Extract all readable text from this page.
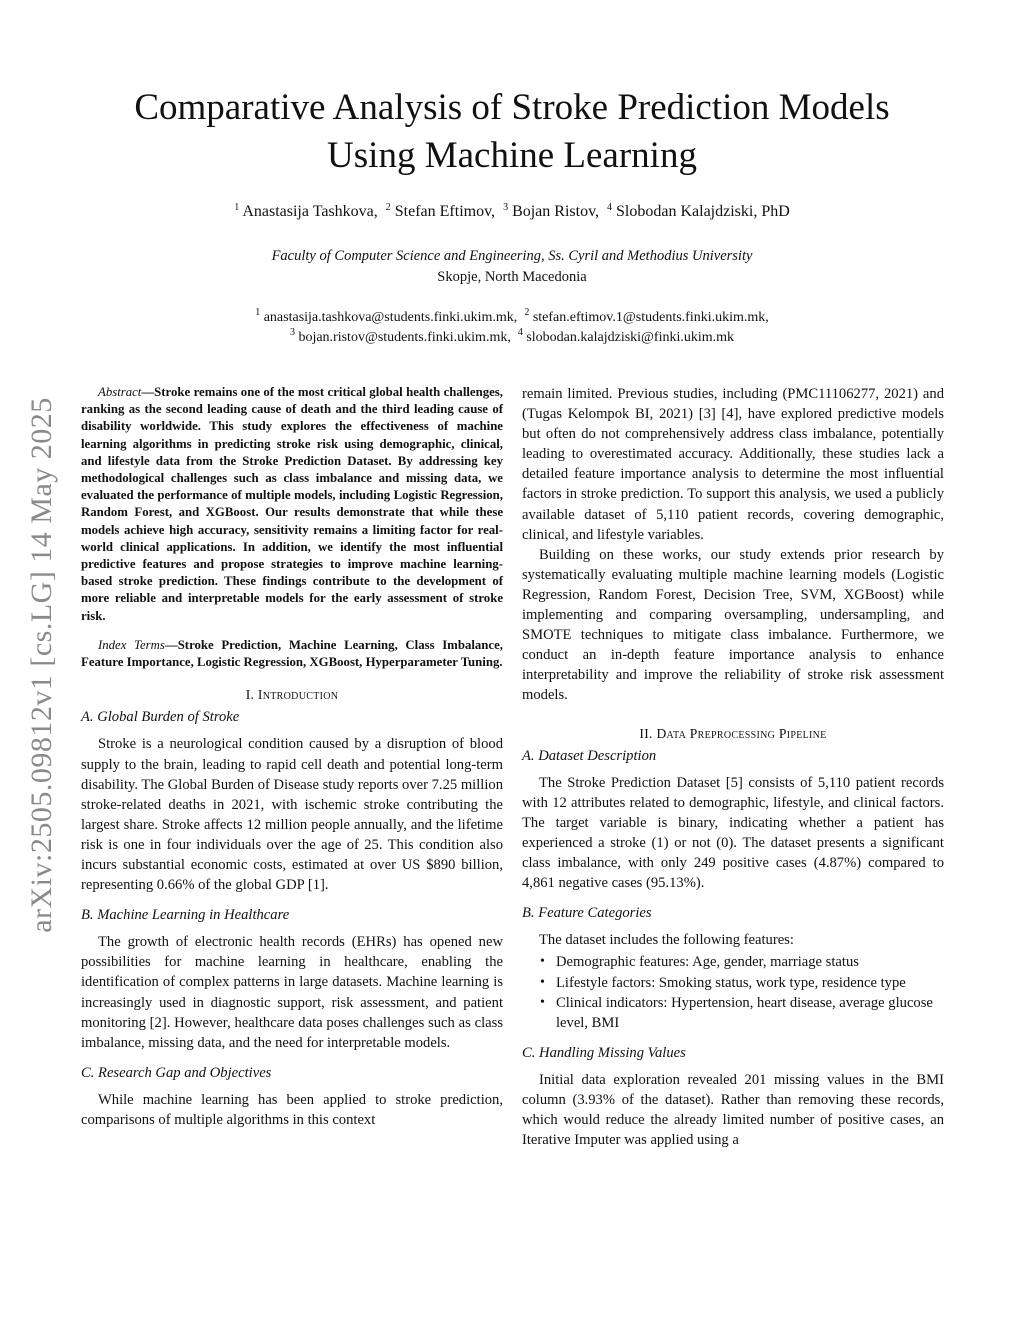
arXiv:2505.09812v1 [cs.LG] 14 May 2025
Comparative Analysis of Stroke Prediction Models
Using Machine Learning
$^1$ Anastasija Tashkova, $^2$ Stefan Eftimov, $^3$ Bojan Ristov, $^4$ Slobodan Kalajdziski, PhD
Faculty of Computer Science and Engineering, Ss. Cyril and Methodius University
Skopje, North Macedonia
$^1$ anastasija.tashkova@students.finki.ukim.mk, $^2$ stefan.eftimov.1@students.finki.ukim.mk,
$^3$ bojan.ristov@students.finki.ukim.mk, $^4$ slobodan.kalajdziski@finki.ukim.mk

Abstract—Stroke remains one of the most critical global health challenges, ranking as the second leading cause of death and the third leading cause of disability worldwide. This study explores the effectiveness of machine learning algorithms in predicting stroke risk using demographic, clinical, and lifestyle data from the Stroke Prediction Dataset. By addressing key methodological challenges such as class imbalance and missing data, we evaluated the performance of multiple models, including Logistic Regression, Random Forest, and XGBoost. Our results demonstrate that while these models achieve high accuracy, sensitivity remains a limiting factor for real-world clinical applications. In addition, we identify the most influential predictive features and propose strategies to improve machine learning-based stroke prediction. These findings contribute to the development of more reliable and interpretable models for the early assessment of stroke risk.

Index Terms—Stroke Prediction, Machine Learning, Class Imbalance, Feature Importance, Logistic Regression, XGBoost, Hyperparameter Tuning.

I. Introduction
A. Global Burden of Stroke

Stroke is a neurological condition caused by a disruption of blood supply to the brain, leading to rapid cell death and potential long-term disability. The Global Burden of Disease study reports over 7.25 million stroke-related deaths in 2021, with ischemic stroke contributing the largest share. Stroke affects 12 million people annually, and the lifetime risk is one in four individuals over the age of 25. This condition also incurs substantial economic costs, estimated at over US $890 billion, representing 0.66% of the global GDP [1].

B. Machine Learning in Healthcare

The growth of electronic health records (EHRs) has opened new possibilities for machine learning in healthcare, enabling the identification of complex patterns in large datasets. Machine learning is increasingly used in diagnostic support, risk assessment, and patient monitoring [2]. However, healthcare data poses challenges such as class imbalance, missing data, and the need for interpretable models.

C. Research Gap and Objectives

While machine learning has been applied to stroke prediction, comparisons of multiple algorithms in this context

remain limited. Previous studies, including (PMC11106277, 2021) and (Tugas Kelompok BI, 2021) [3] [4], have explored predictive models but often do not comprehensively address class imbalance, potentially leading to overestimated accuracy. Additionally, these studies lack a detailed feature importance analysis to determine the most influential factors in stroke prediction. To support this analysis, we used a publicly available dataset of 5,110 patient records, covering demographic, clinical, and lifestyle variables.

Building on these works, our study extends prior research by systematically evaluating multiple machine learning models (Logistic Regression, Random Forest, Decision Tree, SVM, XGBoost) while implementing and comparing oversampling, undersampling, and SMOTE techniques to mitigate class imbalance. Furthermore, we conduct an in-depth feature importance analysis to enhance interpretability and improve the reliability of stroke risk assessment models.

II. Data Preprocessing Pipeline
A. Dataset Description

The Stroke Prediction Dataset [5] consists of 5,110 patient records with 12 attributes related to demographic, lifestyle, and clinical factors. The target variable is binary, indicating whether a patient has experienced a stroke (1) or not (0). The dataset presents a significant class imbalance, with only 249 positive cases (4.87%) compared to 4,861 negative cases (95.13%).

B. Feature Categories

The dataset includes the following features:

• Demographic features: Age, gender, marriage status
• Lifestyle factors: Smoking status, work type, residence type
• Clinical indicators: Hypertension, heart disease, average glucose level, BMI
C. Handling Missing Values

Initial data exploration revealed 201 missing values in the BMI column (3.93% of the dataset). Rather than removing these records, which would reduce the already limited number of positive cases, an Iterative Imputer was applied using a
